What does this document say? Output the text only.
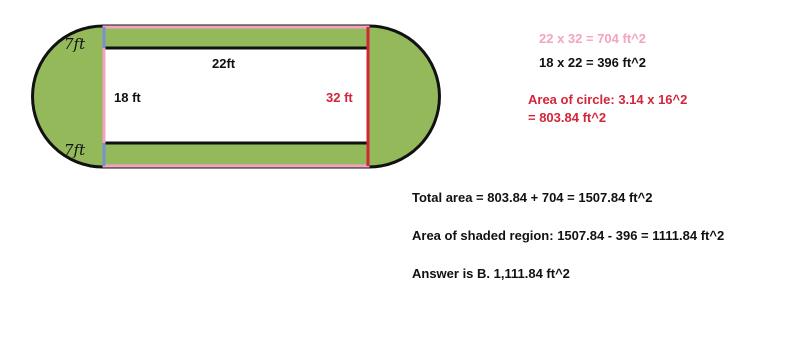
7ft
7ft
22ft
18 ft	32 ft
22 x 32 = 704 ft^2
18 x 22 = 396 ft^2
Area of circle: 3.14 x 16^2
= 803.84 ft^2
Total area = 803.84 + 704 = 1507.84 ft^2
Area of shaded region: 1507.84 - 396 = 1111.84 ft^2
Answer is B. 1,111.84 ft^2
